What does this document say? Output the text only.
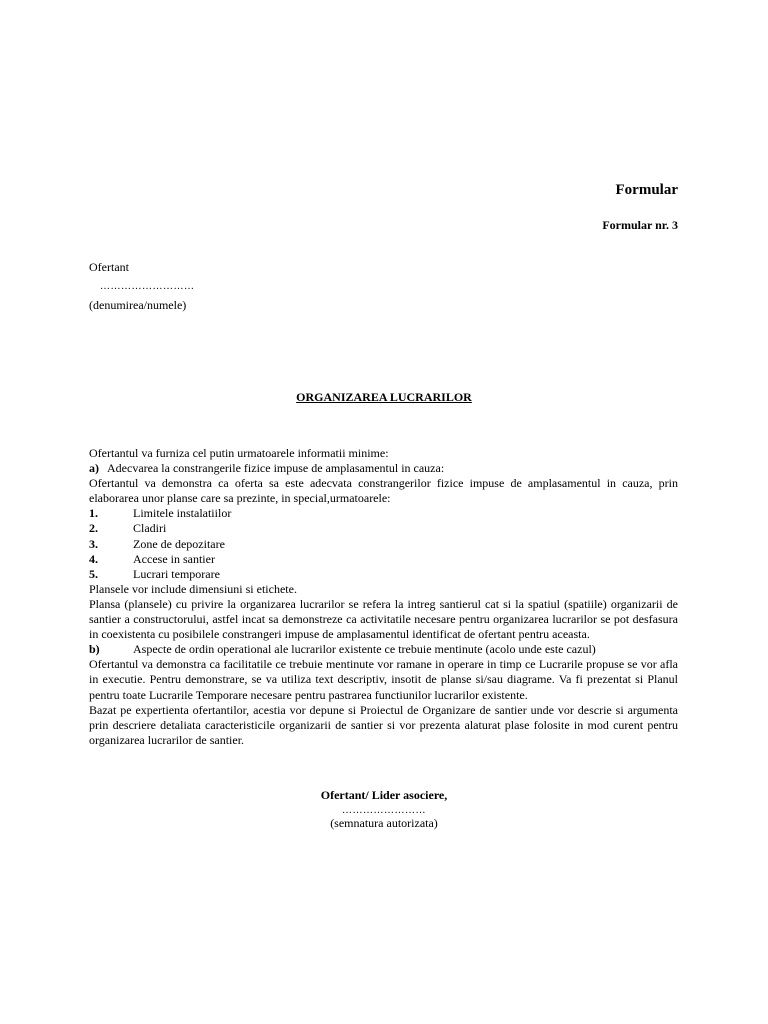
Formular
Formular nr. 3
Ofertant
………………………
(denumirea/numele)
ORGANIZAREA LUCRARILOR

Ofertantul va furniza cel putin urmatoarele informatii minime:

a) Adecvarea la constrangerile fizice impuse de amplasamentul in cauza:

Ofertantul va demonstra ca oferta sa este adecvata constrangerilor fizice impuse de amplasamentul in cauza, prin elaborarea unor planse care sa prezinte, in special,urmatoarele:

1.	Limitele instalatiilor
2.	Cladiri
3.	Zone de depozitare
4.	Accese in santier
5.	Lucrari temporare

Plansele vor include dimensiuni si etichete.

Plansa (plansele) cu privire la organizarea lucrarilor se refera la intreg santierul cat si la spatiul (spatiile) organizarii de santier a constructorului, astfel incat sa demonstreze ca activitatile necesare pentru organizarea lucrarilor se pot desfasura in coexistenta cu posibilele constrangeri impuse de amplasamentul identificat de ofertant pentru aceasta.

b)	Aspecte de ordin operational ale lucrarilor existente ce trebuie mentinute (acolo unde este cazul)

Ofertantul va demonstra ca facilitatile ce trebuie mentinute vor ramane in operare in timp ce Lucrarile propuse se vor afla in executie. Pentru demonstrare, se va utiliza text descriptiv, insotit de planse si/sau diagrame. Va fi prezentat si Planul pentru toate Lucrarile Temporare necesare pentru pastrarea functiunilor lucrarilor existente.

Bazat pe expertienta ofertantilor, acestia vor depune si Proiectul de Organizare de santier unde vor descrie si argumenta prin descriere detaliata caracteristicile organizarii de santier si vor prezenta alaturat plase folosite in mod curent pentru organizarea lucrarilor de santier.

Ofertant/ Lider asociere,
……………………
(semnatura autorizata)
